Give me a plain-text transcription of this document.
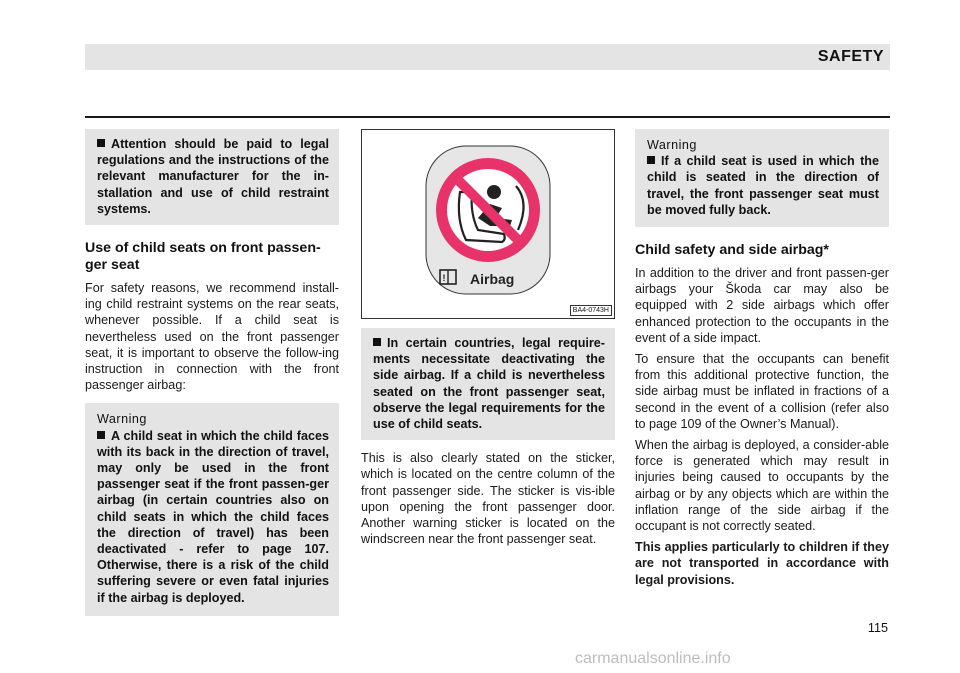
SAFETY
Attention should be paid to legal regulations and the instructions of the relevant manufacturer for the in-stallation and use of child restraint systems.
Use of child seats on front passen-ger seat

For safety reasons, we recommend install-ing child restraint systems on the rear seats, whenever possible. If a child seat is nevertheless used on the front passenger seat, it is important to observe the follow-ing instruction in connection with the front passenger airbag:

Warning
A child seat in which the child faces with its back in the direction of travel, may only be used in the front passenger seat if the front passen-ger airbag (in certain countries also on child seats in which the child faces the direction of travel) has been deactivated - refer to page 107. Otherwise, there is a risk of the child suffering severe or even fatal injuries if the airbag is deployed.
! Airbag
BA4-0743H
In certain countries, legal require-ments necessitate deactivating the side airbag. If a child is nevertheless seated on the front passenger seat, observe the legal requirements for the use of child seats.

This is also clearly stated on the sticker, which is located on the centre column of the front passenger side. The sticker is vis-ible upon opening the front passenger door. Another warning sticker is located on the windscreen near the front passenger seat.

Warning
If a child seat is used in which the child is seated in the direction of travel, the front passenger seat must be moved fully back.
Child safety and side airbag*

In addition to the driver and front passen-ger airbags your Škoda car may also be equipped with 2 side airbags which offer enhanced protection to the occupants in the event of a side impact.

To ensure that the occupants can benefit from this additional protective function, the side airbag must be inflated in fractions of a second in the event of a collision (refer also to page 109 of the Owner’s Manual).

When the airbag is deployed, a consider-able force is generated which may result in injuries being caused to occupants by the airbag or by any objects which are within the inflation range of the side airbag if the occupant is not correctly seated.

This applies particularly to children if they are not transported in accordance with legal provisions.

115
carmanualsonline.info
